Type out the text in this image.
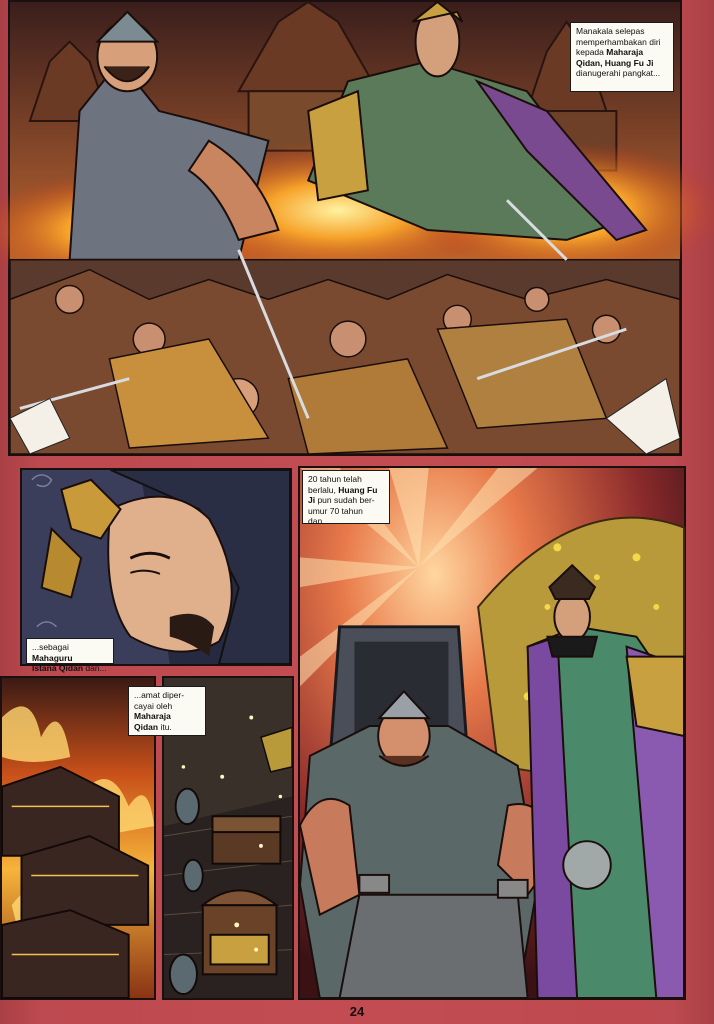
Manakala selepas
memperhambakan diri
kepada Maharaja
Qidan, Huang Fu Ji
dianugerahi pangkat...
...sebagai Mahaguru
Istana Qidan dan...
20 tahun telah
berlalu, Huang Fu
Ji pun sudah ber-
umur 70 tahun dan...
...amat diper-
cayai oleh
Maharaja
Qidan itu.
24
